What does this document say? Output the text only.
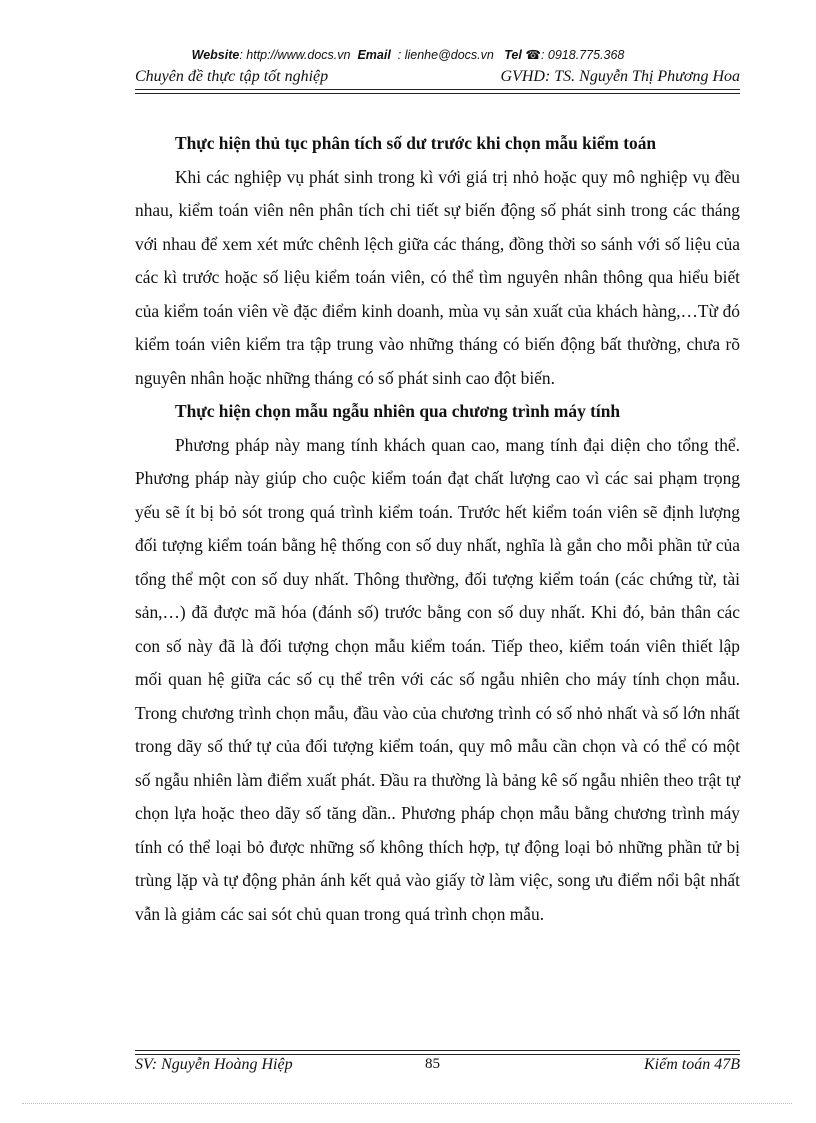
Website: http://www.docs.vn Email : lienhe@docs.vn Tel ☎: 0918.775.368
Chuyên đề thực tập tốt nghiệp	GVHD: TS. Nguyễn Thị Phương Hoa

Thực hiện thủ tục phân tích số dư trước khi chọn mẫu kiểm toán

Khi các nghiệp vụ phát sinh trong kì với giá trị nhỏ hoặc quy mô nghiệp vụ đều nhau, kiểm toán viên nên phân tích chi tiết sự biến động số phát sinh trong các tháng với nhau để xem xét mức chênh lệch giữa các tháng, đồng thời so sánh với số liệu của các kì trước hoặc số liệu kiểm toán viên, có thể tìm nguyên nhân thông qua hiểu biết của kiểm toán viên về đặc điểm kinh doanh, mùa vụ sản xuất của khách hàng,…Từ đó kiểm toán viên kiểm tra tập trung vào những tháng có biến động bất thường, chưa rõ nguyên nhân hoặc những tháng có số phát sinh cao đột biến.

Thực hiện chọn mẫu ngẫu nhiên qua chương trình máy tính

Phương pháp này mang tính khách quan cao, mang tính đại diện cho tổng thể. Phương pháp này giúp cho cuộc kiểm toán đạt chất lượng cao vì các sai phạm trọng yếu sẽ ít bị bỏ sót trong quá trình kiểm toán. Trước hết kiểm toán viên sẽ định lượng đối tượng kiểm toán bằng hệ thống con số duy nhất, nghĩa là gắn cho mỗi phần tử của tổng thể một con số duy nhất. Thông thường, đối tượng kiểm toán (các chứng từ, tài sản,…) đã được mã hóa (đánh số) trước bằng con số duy nhất. Khi đó, bản thân các con số này đã là đối tượng chọn mẫu kiểm toán. Tiếp theo, kiểm toán viên thiết lập mối quan hệ giữa các số cụ thể trên với các số ngẫu nhiên cho máy tính chọn mẫu. Trong chương trình chọn mẫu, đầu vào của chương trình có số nhỏ nhất và số lớn nhất trong dãy số thứ tự của đối tượng kiểm toán, quy mô mẫu cần chọn và có thể có một số ngẫu nhiên làm điểm xuất phát. Đầu ra thường là bảng kê số ngẫu nhiên theo trật tự chọn lựa hoặc theo dãy số tăng dần.. Phương pháp chọn mẫu bằng chương trình máy tính có thể loại bỏ được những số không thích hợp, tự động loại bỏ những phần tử bị trùng lặp và tự động phản ánh kết quả vào giấy tờ làm việc, song ưu điểm nổi bật nhất vẫn là giảm các sai sót chủ quan trong quá trình chọn mẫu.

SV: Nguyễn Hoàng Hiệp	85	Kiểm toán 47B
